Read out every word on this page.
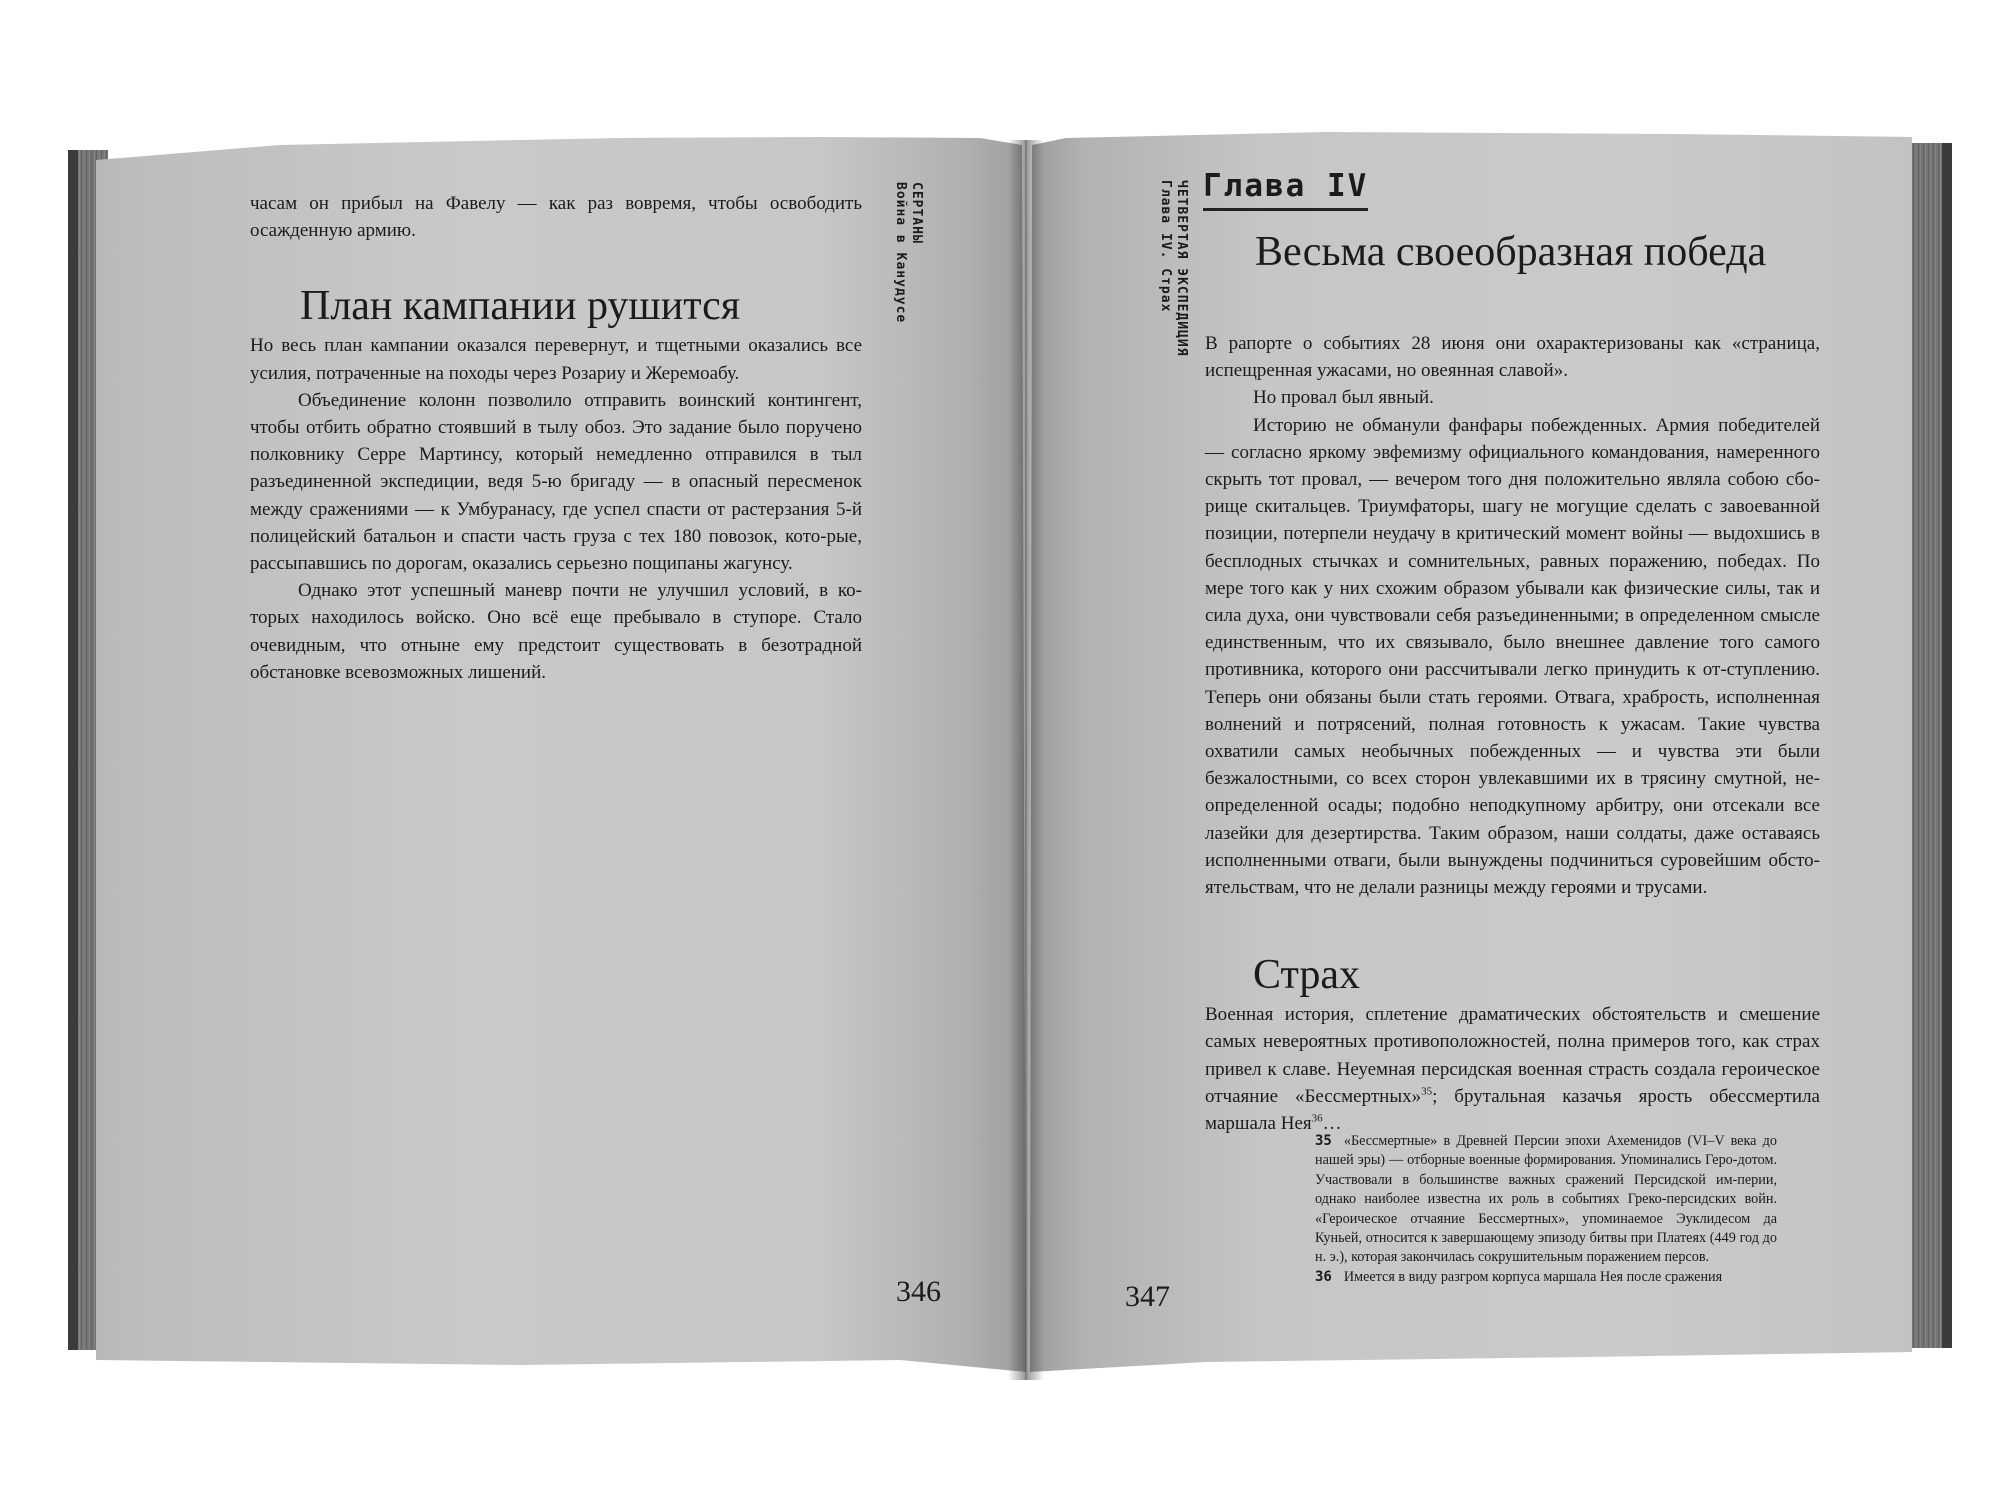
СЕРТАНЫ
Война в Канудусе

часам он прибыл на Фавелу — как раз вовремя, чтобы освободить осажденную армию.

План кампании рушится

Но весь план кампании оказался перевернут, и тщетными оказались все усилия, потраченные на походы через Розариу и Жеремоабу.

Объединение колонн позволило отправить воинский контингент, чтобы отбить обратно стоявший в тылу обоз. Это задание было поручено полковнику Серре Мартинсу, который немедленно отправился в тыл разъединенной экспедиции, ведя 5-ю бригаду — в опасный пересменок между сражениями — к Умбуранасу, где успел спасти от растерзания 5-й полицейский батальон и спасти часть груза с тех 180 повозок, кото-рые, рассыпавшись по дорогам, оказались серьезно пощипаны жагунсу.

Однако этот успешный маневр почти не улучшил условий, в ко-торых находилось войско. Оно всё еще пребывало в ступоре. Стало очевидным, что отныне ему предстоит существовать в безотрадной обстановке всевозможных лишений.

346
ЧЕТВЕРТАЯ ЭКСПЕДИЦИЯ
Глава IV. Страх Глава IV
Весьма своеобразная победа

В рапорте о событиях 28 июня они охарактеризованы как «страница, испещренная ужасами, но овеянная славой».

Но провал был явный.

Историю не обманули фанфары побежденных. Армия победителей — согласно яркому эвфемизму официального командования, намеренного скрыть тот провал, — вечером того дня положительно являла собою сбо-рище скитальцев. Триумфаторы, шагу не могущие сделать с завоеванной позиции, потерпели неудачу в критический момент войны — выдохшись в бесплодных стычках и сомнительных, равных поражению, победах. По мере того как у них схожим образом убывали как физические силы, так и сила духа, они чувствовали себя разъединенными; в определенном смысле единственным, что их связывало, было внешнее давление того самого противника, которого они рассчитывали легко принудить к от-ступлению. Теперь они обязаны были стать героями. Отвага, храбрость, исполненная волнений и потрясений, полная готовность к ужасам. Такие чувства охватили самых необычных побежденных — и чувства эти были безжалостными, со всех сторон увлекавшими их в трясину смутной, не-определенной осады; подобно неподкупному арбитру, они отсекали все лазейки для дезертирства. Таким образом, наши солдаты, даже оставаясь исполненными отваги, были вынуждены подчиниться суровейшим обсто-ятельствам, что не делали разницы между героями и трусами.

Страх

Военная история, сплетение драматических обстоятельств и смешение самых невероятных противоположностей, полна примеров того, как страх привел к славе. Неуемная персидская военная страсть создала героическое отчаяние «Бессмертных»$^{35}$; брутальная казачья ярость обессмертила маршала Нея$^{36}$…

35 «Бессмертные» в Древней Персии эпохи Ахеменидов (VI–V века до нашей эры) — отборные военные формирования. Упоминались Геро-дотом. Участвовали в большинстве важных сражений Персидской им-перии, однако наиболее известна их роль в событиях Греко-персидских войн. «Героическое отчаяние Бессмертных», упоминаемое Эуклидесом да Куньей, относится к завершающему эпизоду битвы при Платеях (449 год до н. э.), которая закончилась сокрушительным поражением персов.

36 Имеется в виду разгром корпуса маршала Нея после сражения

347
